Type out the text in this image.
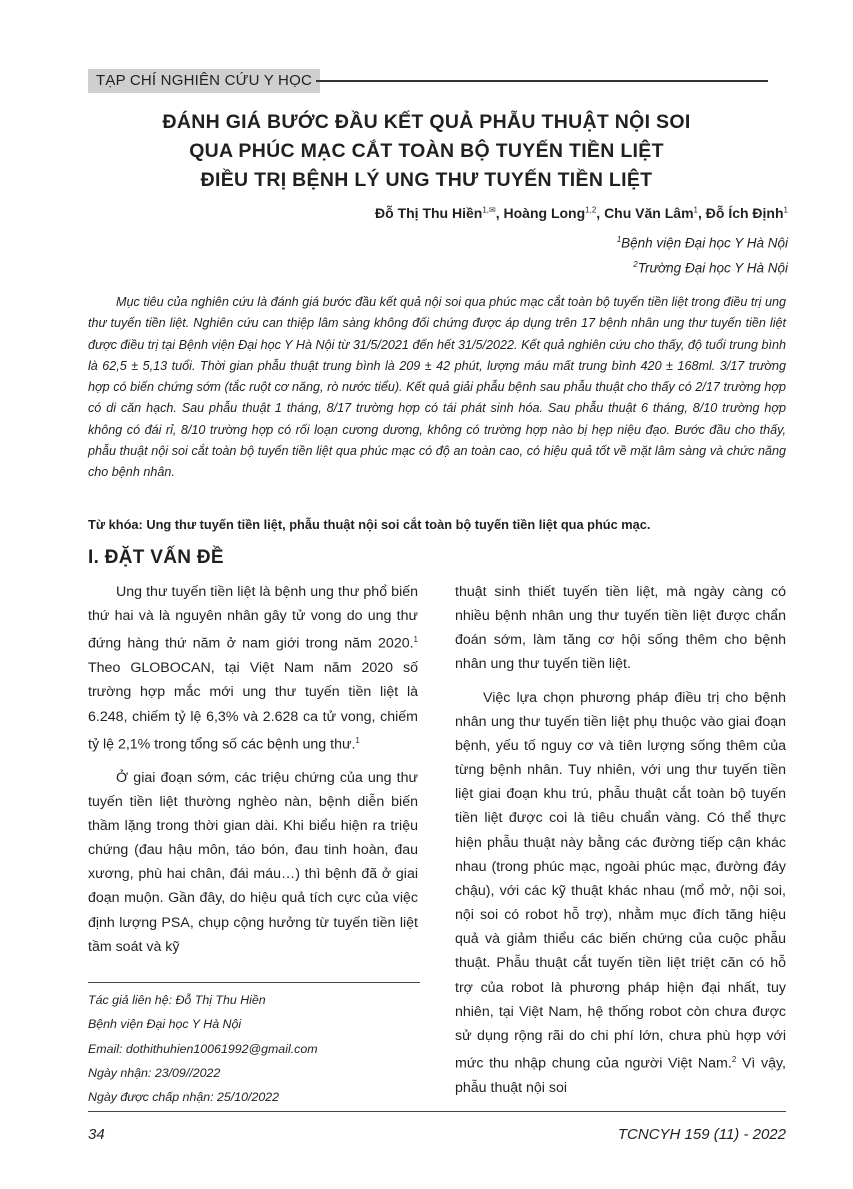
TẠP CHÍ NGHIÊN CỨU Y HỌC
ĐÁNH GIÁ BƯỚC ĐẦU KẾT QUẢ PHẪU THUẬT NỘI SOI
QUA PHÚC MẠC CẮT TOÀN BỘ TUYẾN TIỀN LIỆT
ĐIỀU TRỊ BỆNH LÝ UNG THƯ TUYẾN TIỀN LIỆT
Đỗ Thị Thu Hiền$^{1,✉}$, Hoàng Long$^{1,2}$, Chu Văn Lâm$^1$, Đỗ Ích Định$^1$
$^1$Bệnh viện Đại học Y Hà Nội
$^2$Trường Đại học Y Hà Nội

Mục tiêu của nghiên cứu là đánh giá bước đầu kết quả nội soi qua phúc mạc cắt toàn bộ tuyến tiền liệt trong điều trị ung thư tuyến tiền liệt. Nghiên cứu can thiệp lâm sàng không đối chứng được áp dụng trên 17 bệnh nhân ung thư tuyến tiền liệt được điều trị tại Bệnh viện Đại học Y Hà Nội từ 31/5/2021 đến hết 31/5/2022. Kết quả nghiên cứu cho thấy, độ tuổi trung bình là 62,5 ± 5,13 tuổi. Thời gian phẫu thuật trung bình là 209 ± 42 phút, lượng máu mất trung bình 420 ± 168ml. 3/17 trường hợp có biến chứng sớm (tắc ruột cơ năng, rò nước tiểu). Kết quả giải phẫu bệnh sau phẫu thuật cho thấy có 2/17 trường hợp có di căn hạch. Sau phẫu thuật 1 tháng, 8/17 trường hợp có tái phát sinh hóa. Sau phẫu thuật 6 tháng, 8/10 trường hợp không có đái rỉ, 8/10 trường hợp có rối loạn cương dương, không có trường hợp nào bị hẹp niệu đạo. Bước đầu cho thấy, phẫu thuật nội soi cắt toàn bộ tuyến tiền liệt qua phúc mạc có độ an toàn cao, có hiệu quả tốt về mặt lâm sàng và chức năng cho bệnh nhân.

Từ khóa: Ung thư tuyến tiền liệt, phẫu thuật nội soi cắt toàn bộ tuyến tiền liệt qua phúc mạc.
I. ĐẶT VẤN ĐỀ

Ung thư tuyến tiền liệt là bệnh ung thư phổ biến thứ hai và là nguyên nhân gây tử vong do ung thư đứng hàng thứ năm ở nam giới trong năm 2020.$^1$ Theo GLOBOCAN, tại Việt Nam năm 2020 số trường hợp mắc mới ung thư tuyến tiền liệt là 6.248, chiếm tỷ lệ 6,3% và 2.628 ca tử vong, chiếm tỷ lệ 2,1% trong tổng số các bệnh ung thư.$^1$

Ở giai đoạn sớm, các triệu chứng của ung thư tuyến tiền liệt thường nghèo nàn, bệnh diễn biến thầm lặng trong thời gian dài. Khi biểu hiện ra triệu chứng (đau hậu môn, táo bón, đau tinh hoàn, đau xương, phù hai chân, đái máu…) thì bệnh đã ở giai đoạn muộn. Gần đây, do hiệu quả tích cực của việc định lượng PSA, chụp cộng hưởng từ tuyến tiền liệt tầm soát và kỹ

thuật sinh thiết tuyến tiền liệt, mà ngày càng có nhiều bệnh nhân ung thư tuyến tiền liệt được chẩn đoán sớm, làm tăng cơ hội sống thêm cho bệnh nhân ung thư tuyến tiền liệt.

Việc lựa chọn phương pháp điều trị cho bệnh nhân ung thư tuyến tiền liệt phụ thuộc vào giai đoạn bệnh, yếu tố nguy cơ và tiên lượng sống thêm của từng bệnh nhân. Tuy nhiên, với ung thư tuyến tiền liệt giai đoạn khu trú, phẫu thuật cắt toàn bộ tuyến tiền liệt được coi là tiêu chuẩn vàng. Có thể thực hiện phẫu thuật này bằng các đường tiếp cận khác nhau (trong phúc mạc, ngoài phúc mạc, đường đáy chậu), với các kỹ thuật khác nhau (mổ mở, nội soi, nội soi có robot hỗ trợ), nhằm mục đích tăng hiệu quả và giảm thiểu các biến chứng của cuộc phẫu thuật. Phẫu thuật cắt tuyến tiền liệt triệt căn có hỗ trợ của robot là phương pháp hiện đại nhất, tuy nhiên, tại Việt Nam, hệ thống robot còn chưa được sử dụng rộng rãi do chi phí lớn, chưa phù hợp với mức thu nhập chung của người Việt Nam.$^2$ Vì vậy, phẫu thuật nội soi

Tác giả liên hệ: Đỗ Thị Thu Hiền
Bệnh viện Đại học Y Hà Nội
Email: dothithuhien10061992@gmail.com
Ngày nhận: 23/09//2022
Ngày được chấp nhận: 25/10/2022
34	TCNCYH 159 (11) - 2022
